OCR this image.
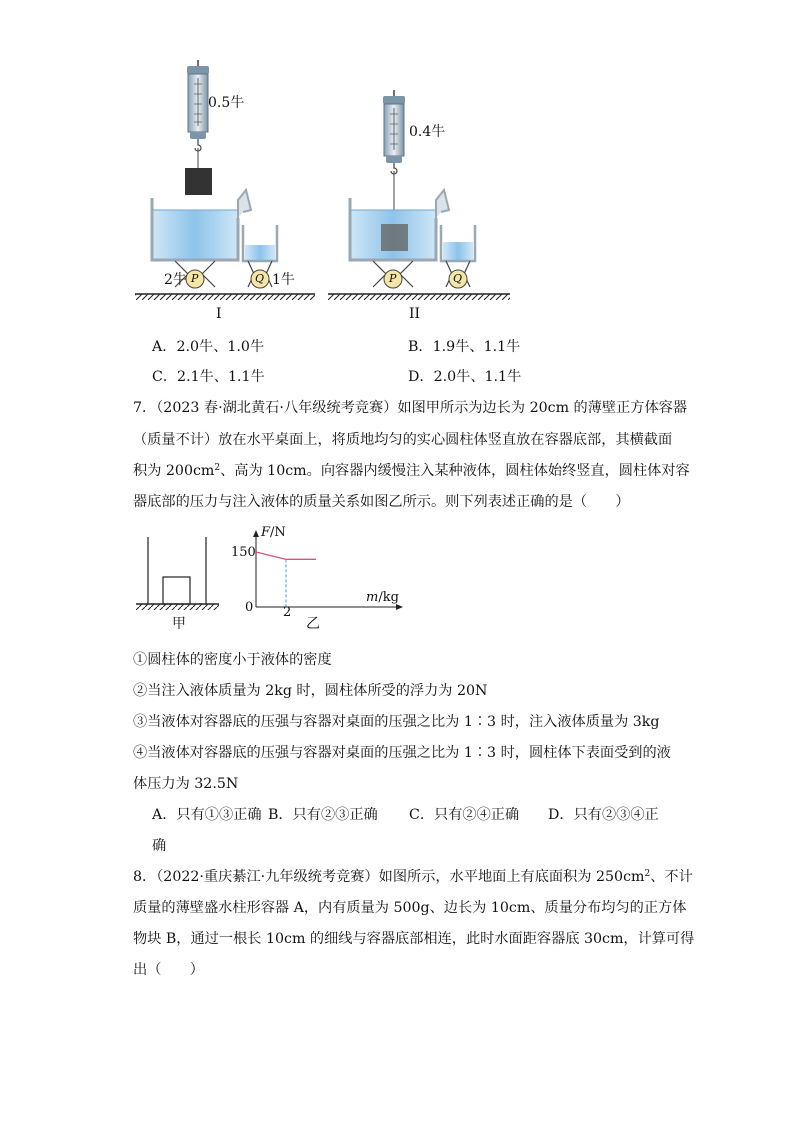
0.5牛
0.4牛
2牛 P	Q 1牛	P	Q
I	II
A．2.0牛、1.0牛	B．1.9牛、1.1牛
C．2.1牛、1.1牛	D．2.0牛、1.1牛
7．（2023 春·湖北黄石·八年级统考竞赛）如图甲所示为边长为 20cm 的薄壁正方体容器
（质量不计）放在水平桌面上，将质地均匀的实心圆柱体竖直放在容器底部，其横截面
积为 $200cm^2$、高为 10cm。向容器内缓慢注入某种液体，圆柱体始终竖直，圆柱体对容
器底部的压力与注入液体的质量关系如图乙所示。则下列表述正确的是（　　）
甲
F/N
150
0 2
m/kg
乙
①圆柱体的密度小于液体的密度
②当注入液体质量为 2kg 时，圆柱体所受的浮力为 20N
③当液体对容器底的压强与容器对桌面的压强之比为 1∶3 时，注入液体质量为 3kg
④当液体对容器底的压强与容器对桌面的压强之比为 1∶3 时，圆柱体下表面受到的液
体压力为 32.5N
A．只有①③正确 B．只有②③正确 C．只有②④正确 D．只有②③④正
确
8．（2022·重庆綦江·九年级统考竞赛）如图所示，水平地面上有底面积为 $250cm^2$、不计
质量的薄壁盛水柱形容器 A，内有质量为 500g、边长为 10cm、质量分布均匀的正方体
物块 B，通过一根长 10cm 的细线与容器底部相连，此时水面距容器底 30cm，计算可得
出（　　）
